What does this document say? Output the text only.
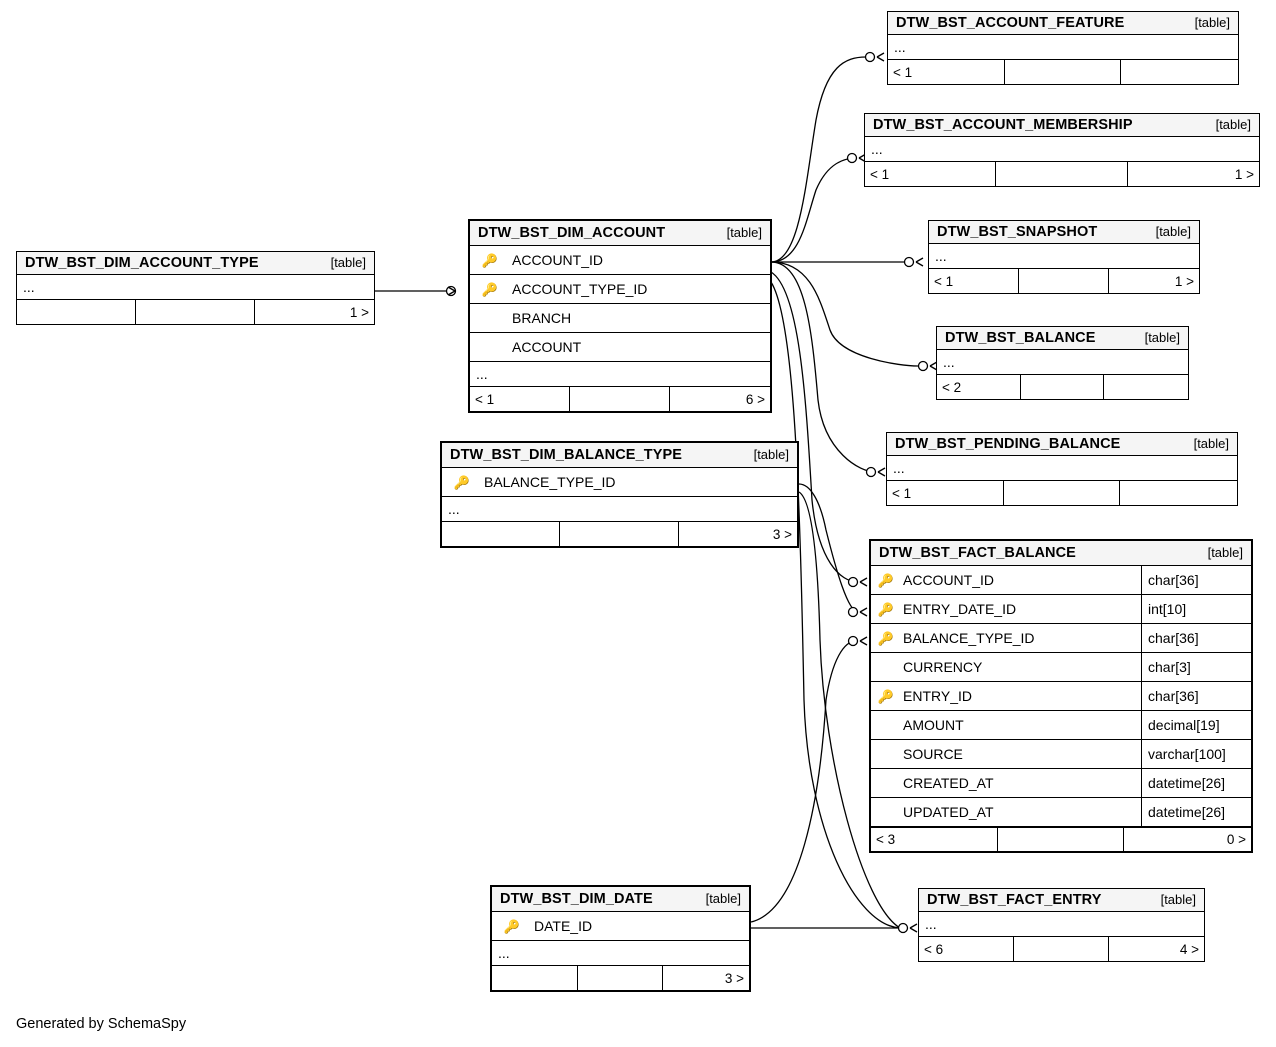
DTW_BST_ACCOUNT_FEATURE	[table]
...
< 1
DTW_BST_ACCOUNT_MEMBERSHIP	[table]
...
< 1	1 >
DTW_BST_SNAPSHOT	[table]
...
< 1	1 >
DTW_BST_BALANCE	[table]
...
< 2
DTW_BST_PENDING_BALANCE	[table]
...
< 1
DTW_BST_FACT_BALANCE	[table]
🔑 ACCOUNT_ID	char[36]
🔑 ENTRY_DATE_ID	int[10]
🔑 BALANCE_TYPE_ID	char[36]
CURRENCY	char[3]
🔑 ENTRY_ID	char[36]
AMOUNT	decimal[19]
SOURCE	varchar[100]
CREATED_AT	datetime[26]
UPDATED_AT	datetime[26]
< 3	0 >
DTW_BST_FACT_ENTRY	[table]
...
< 6	4 >
DTW_BST_DIM_ACCOUNT_TYPE	[table]
...
1 >
DTW_BST_DIM_ACCOUNT	[table]
🔑 ACCOUNT_ID
🔑 ACCOUNT_TYPE_ID
BRANCH
ACCOUNT
...
< 1	6 >
DTW_BST_DIM_BALANCE_TYPE	[table]
🔑 BALANCE_TYPE_ID
...
3 >
DTW_BST_DIM_DATE	[table]
🔑 DATE_ID
...
3 >
Generated by SchemaSpy
